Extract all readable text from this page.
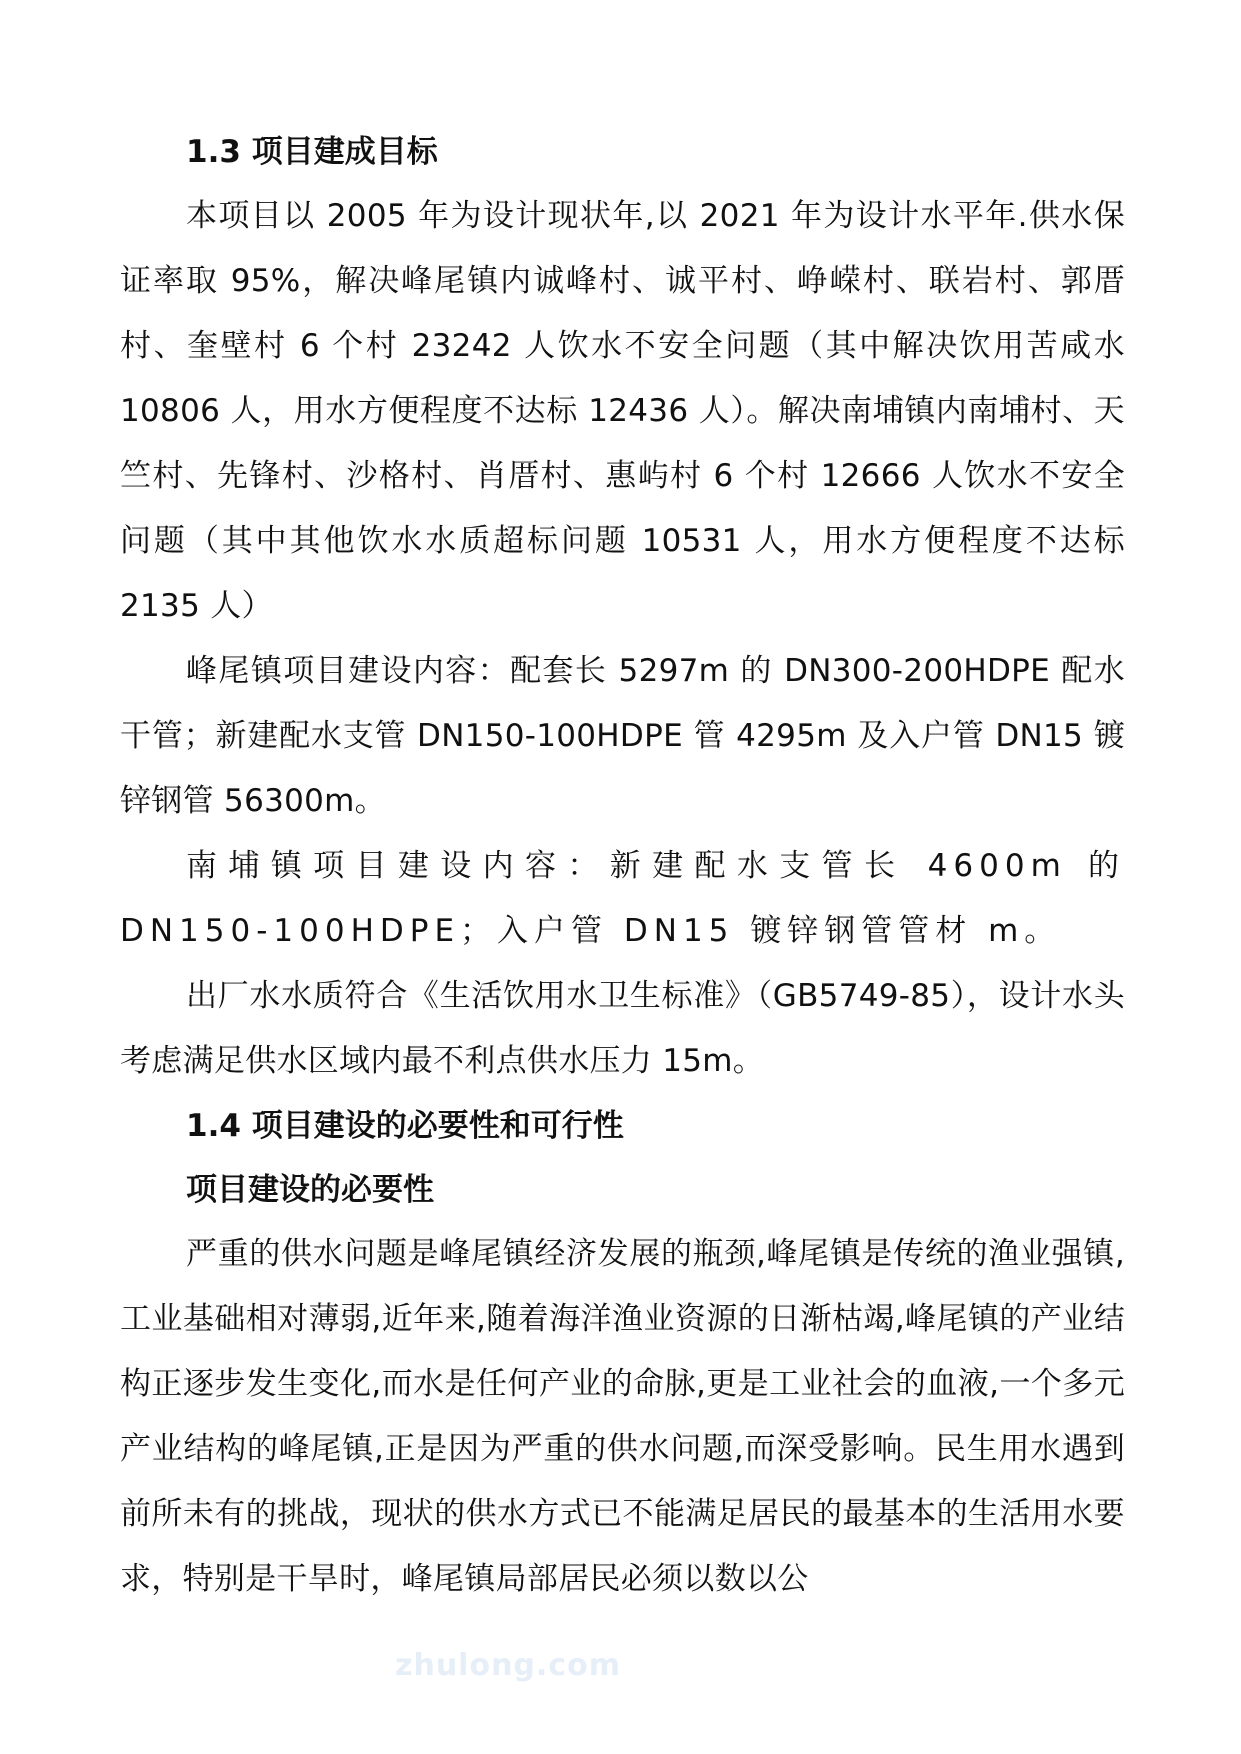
1.3 项目建成目标

本项目以 2005 年为设计现状年,以 2021 年为设计水平年.供水保证率取 95%，解决峰尾镇内诚峰村、诚平村、峥嵘村、联岩村、郭厝村、奎壁村 6 个村 23242 人饮水不安全问题（其中解决饮用苦咸水 10806 人，用水方便程度不达标 12436 人）。解决南埔镇内南埔村、天竺村、先锋村、沙格村、肖厝村、惠屿村 6 个村 12666 人饮水不安全问题（其中其他饮水水质超标问题 10531 人，用水方便程度不达标 2135 人）

峰尾镇项目建设内容：配套长 5297m 的 DN300-200HDPE 配水干管；新建配水支管 DN150-100HDPE 管 4295m 及入户管 DN15 镀锌钢管 56300m。

南埔镇项目建设内容：新建配水支管长 4600m 的 DN150-100HDPE；入户管 DN15 镀锌钢管管材 m。

出厂水水质符合《生活饮用水卫生标准》（GB5749-85），设计水头考虑满足供水区域内最不利点供水压力 15m。

1.4 项目建设的必要性和可行性
项目建设的必要性

严重的供水问题是峰尾镇经济发展的瓶颈,峰尾镇是传统的渔业强镇,工业基础相对薄弱,近年来,随着海洋渔业资源的日渐枯竭,峰尾镇的产业结构正逐步发生变化,而水是任何产业的命脉,更是工业社会的血液,一个多元产业结构的峰尾镇,正是因为严重的供水问题,而深受影响。民生用水遇到前所未有的挑战，现状的供水方式已不能满足居民的最基本的生活用水要求，特别是干旱时，峰尾镇局部居民必须以数以公

zhulong.com
